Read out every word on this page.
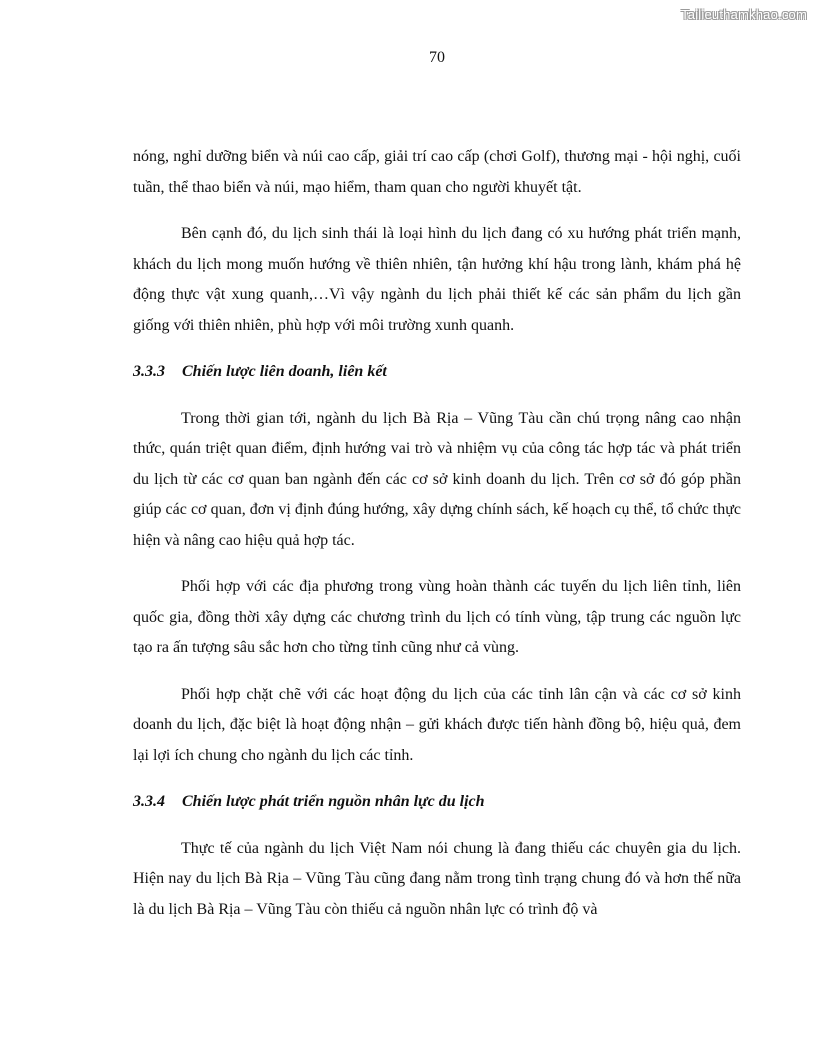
Tailieuthamkhao.com
70

nóng, nghỉ dưỡng biển và núi cao cấp, giải trí cao cấp (chơi Golf), thương mại - hội nghị, cuối tuần, thể thao biển và núi, mạo hiểm, tham quan cho người khuyết tật.

Bên cạnh đó, du lịch sinh thái là loại hình du lịch đang có xu hướng phát triển mạnh, khách du lịch mong muốn hướng về thiên nhiên, tận hưởng khí hậu trong lành, khám phá hệ động thực vật xung quanh,…Vì vậy ngành du lịch phải thiết kế các sản phẩm du lịch gần giống với thiên nhiên, phù hợp với môi trường xunh quanh.

3.3.3 Chiến lược liên doanh, liên kết

Trong thời gian tới, ngành du lịch Bà Rịa – Vũng Tàu cần chú trọng nâng cao nhận thức, quán triệt quan điểm, định hướng vai trò và nhiệm vụ của công tác hợp tác và phát triển du lịch từ các cơ quan ban ngành đến các cơ sở kinh doanh du lịch. Trên cơ sở đó góp phần giúp các cơ quan, đơn vị định đúng hướng, xây dựng chính sách, kế hoạch cụ thể, tổ chức thực hiện và nâng cao hiệu quả hợp tác.

Phối hợp với các địa phương trong vùng hoàn thành các tuyến du lịch liên tỉnh, liên quốc gia, đồng thời xây dựng các chương trình du lịch có tính vùng, tập trung các nguồn lực tạo ra ấn tượng sâu sắc hơn cho từng tỉnh cũng như cả vùng.

Phối hợp chặt chẽ với các hoạt động du lịch của các tỉnh lân cận và các cơ sở kinh doanh du lịch, đặc biệt là hoạt động nhận – gửi khách được tiến hành đồng bộ, hiệu quả, đem lại lợi ích chung cho ngành du lịch các tỉnh.

3.3.4 Chiến lược phát triển nguồn nhân lực du lịch

Thực tế của ngành du lịch Việt Nam nói chung là đang thiếu các chuyên gia du lịch. Hiện nay du lịch Bà Rịa – Vũng Tàu cũng đang nằm trong tình trạng chung đó và hơn thế nữa là du lịch Bà Rịa – Vũng Tàu còn thiếu cả nguồn nhân lực có trình độ và
